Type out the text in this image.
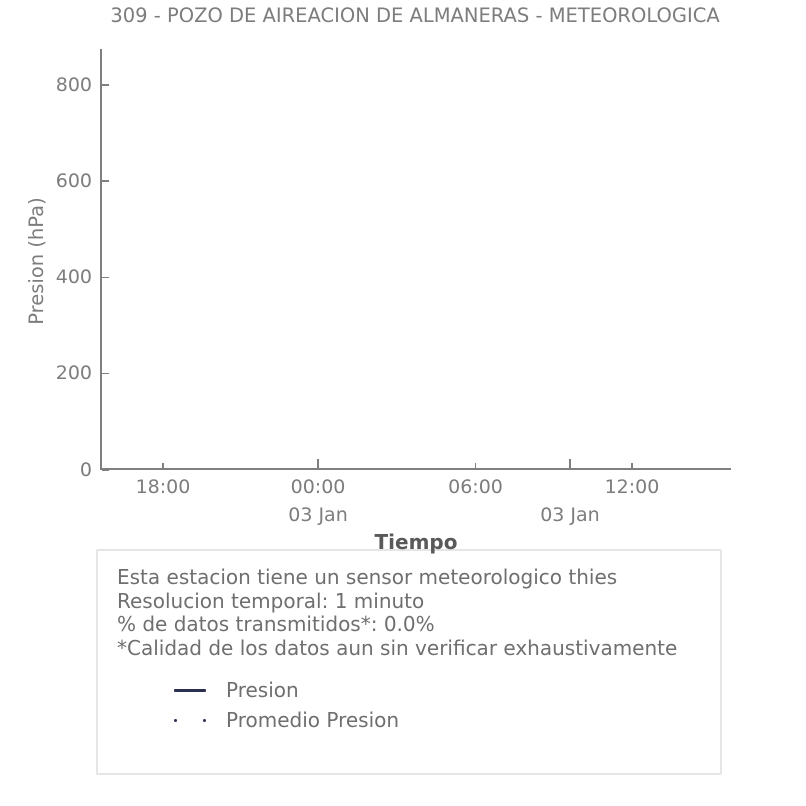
309 - POZO DE AIREACION DE ALMANERAS - METEOROLOGICA
Presion (hPa)
0
200
400
600
800
18:00	00:00	06:00	12:00
03 Jan	03 Jan
Tiempo
Esta estacion tiene un sensor meteorologico thies
Resolucion temporal: 1 minuto
% de datos transmitidos*: 0.0%
*Calidad de los datos aun sin verificar exhaustivamente
Presion
Promedio Presion
